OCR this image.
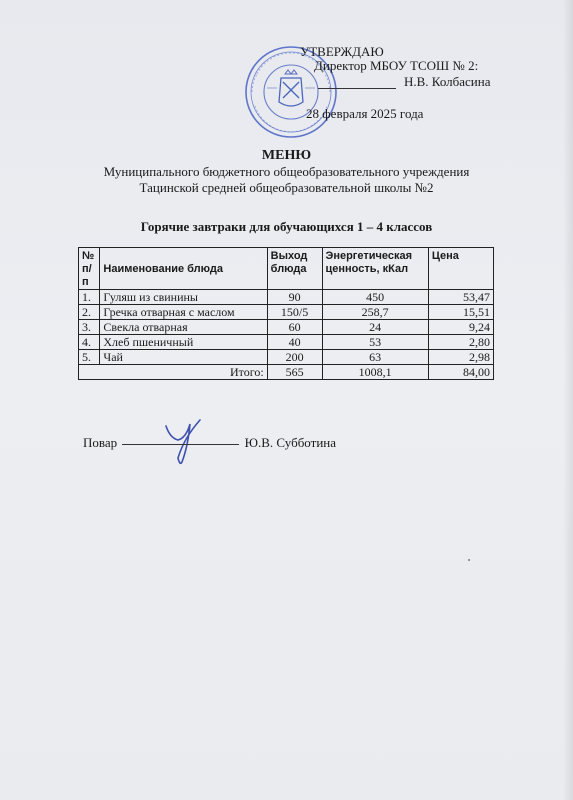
УТВЕРЖДАЮ
Директор МБОУ ТСОШ № 2:
Н.В. Колбасина
28 февраля 2025 года
МЕНЮ
Муниципального бюджетного общеобразовательного учреждения
Тацинской средней общеобразовательной школы №2
Горячие завтраки для обучающихся 1 – 4 классов
№ п/п	Наименование блюда	Выход блюда	Энергетическая ценность, кКал	Цена
1.	Гуляш из свинины	90	450	53,47
2.	Гречка отварная с маслом	150/5	258,7	15,51
3.	Свекла отварная	60	24	9,24
4.	Хлеб пшеничный	40	53	2,80
5.	Чай	200	63	2,98
Итого:		565	1008,1	84,00
Повар	Ю.В. Субботина
